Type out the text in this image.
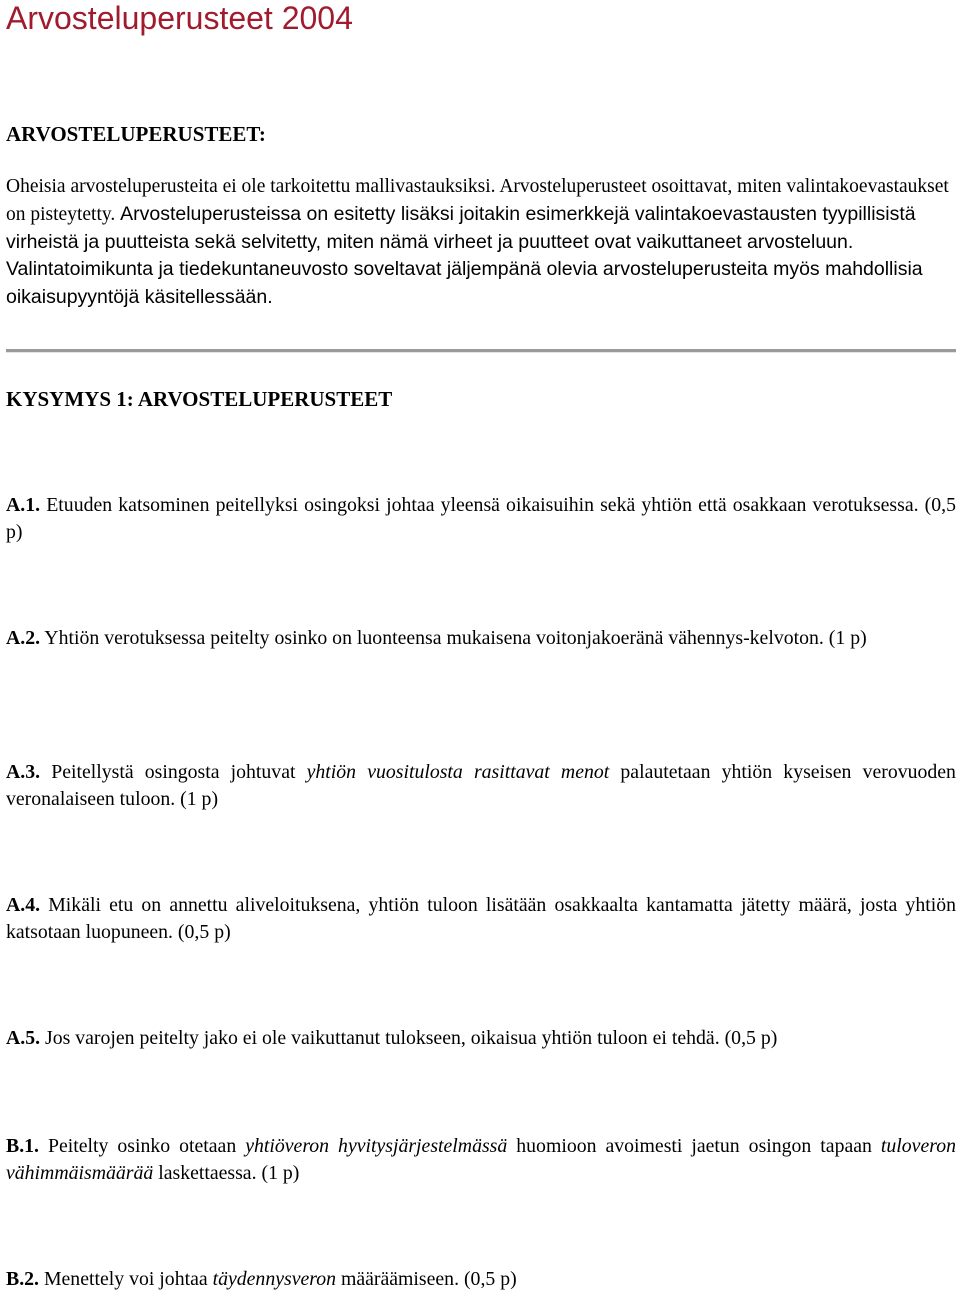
Arvosteluperusteet 2004
ARVOSTELUPERUSTEET:

Oheisia arvosteluperusteita ei ole tarkoitettu mallivastauksiksi. Arvosteluperusteet osoittavat, miten valintakoevastaukset on pisteytetty. Arvosteluperusteissa on esitetty lisäksi joitakin esimerkkejä valintakoevastausten tyypillisistä virheistä ja puutteista sekä selvitetty, miten nämä virheet ja puutteet ovat vaikuttaneet arvosteluun. Valintatoimikunta ja tiedekuntaneuvosto soveltavat jäljempänä olevia arvosteluperusteita myös mahdollisia oikaisupyyntöjä käsitellessään.

KYSYMYS 1: ARVOSTELUPERUSTEET

A.1. Etuuden katsominen peitellyksi osingoksi johtaa yleensä oikaisuihin sekä yhtiön että osakkaan verotuksessa. (0,5 p)

A.2. Yhtiön verotuksessa peitelty osinko on luonteensa mukaisena voitonjakoeränä vähennys-kelvoton. (1 p)

A.3. Peitellystä osingosta johtuvat yhtiön vuositulosta rasittavat menot palautetaan yhtiön kyseisen verovuoden veronalaiseen tuloon. (1 p)

A.4. Mikäli etu on annettu aliveloituksena, yhtiön tuloon lisätään osakkaalta kantamatta jätetty määrä, josta yhtiön katsotaan luopuneen. (0,5 p)

A.5. Jos varojen peitelty jako ei ole vaikuttanut tulokseen, oikaisua yhtiön tuloon ei tehdä. (0,5 p)

B.1. Peitelty osinko otetaan yhtiöveron hyvitysjärjestelmässä huomioon avoimesti jaetun osingon tapaan tuloveron vähimmäismäärää laskettaessa. (1 p)

B.2. Menettely voi johtaa täydennysveron määräämiseen. (0,5 p)
